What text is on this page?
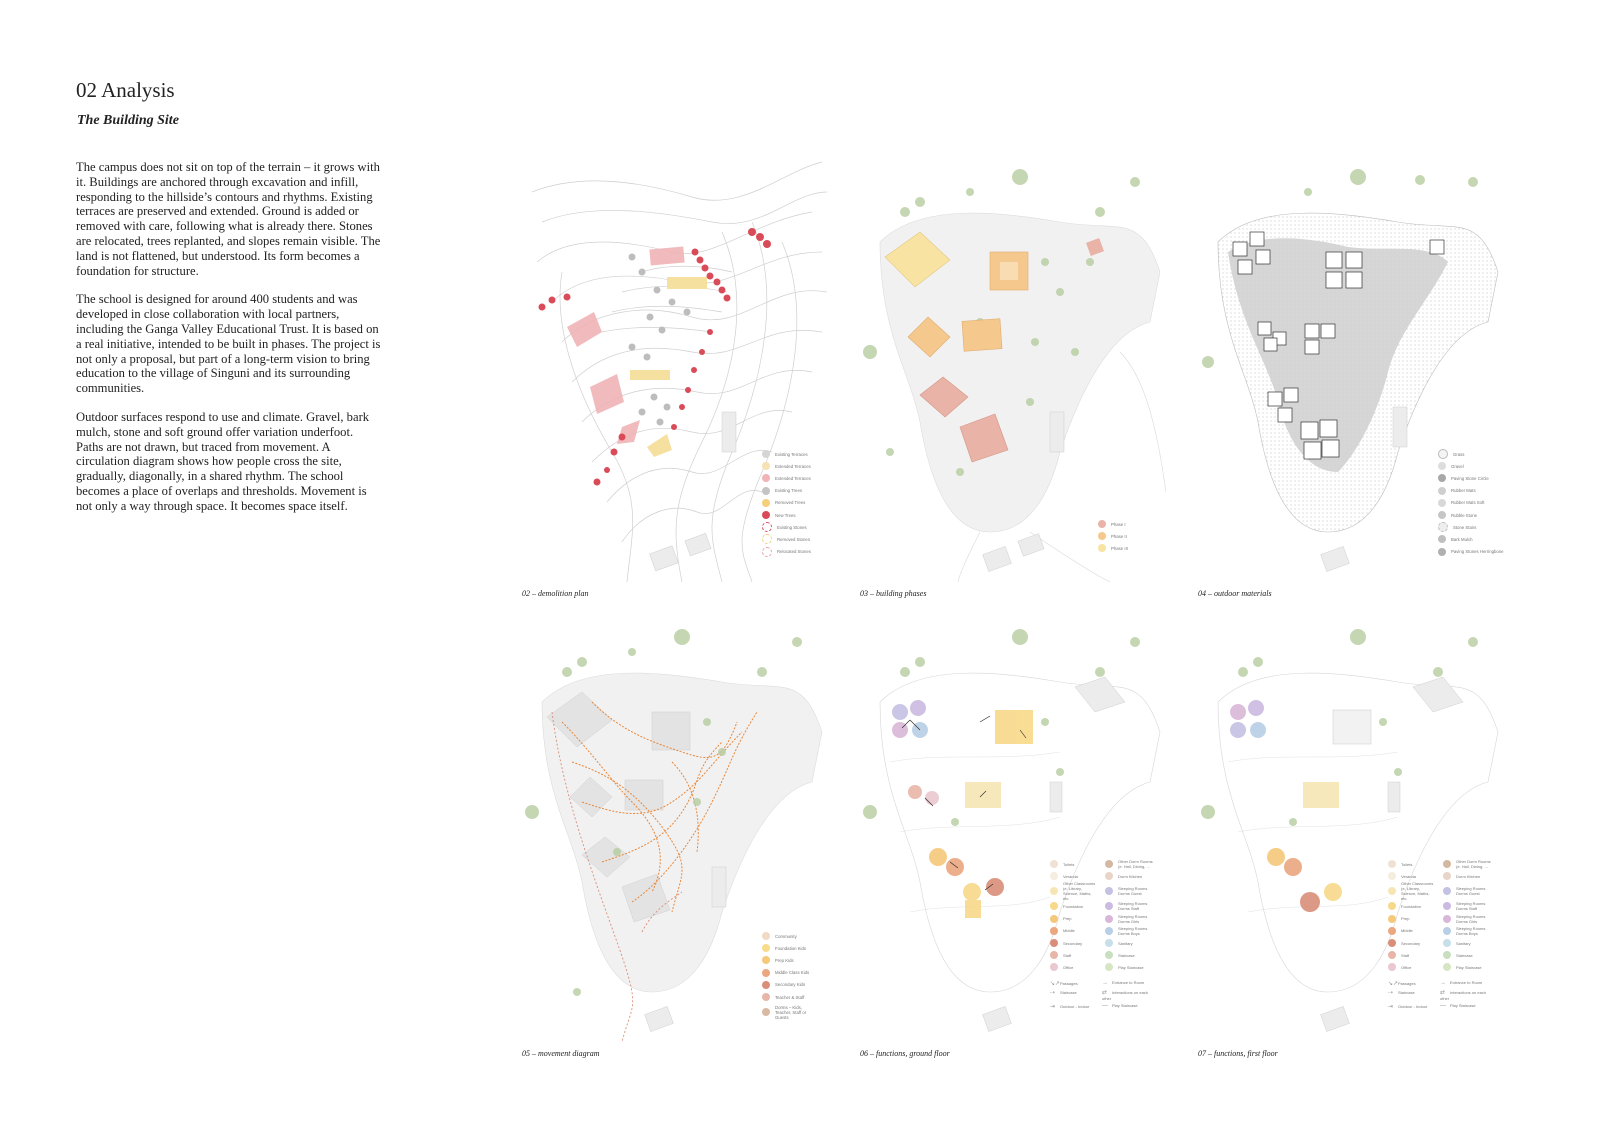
02 Analysis
The Building Site

The campus does not sit on top of the terrain – it grows with it. Buildings are anchored through excavation and infill, responding to the hillside’s contours and rhythms. Existing terraces are preserved and extended. Ground is added or removed with care, following what is already there. Stones are relocated, trees replanted, and slopes remain visible. The land is not flattened, but understood. Its form becomes a foundation for structure.

The school is designed for around 400 students and was developed in close collaboration with local partners, including the Ganga Valley Educational Trust. It is based on a real initiative, intended to be built in phases. The project is not only a proposal, but part of a long-term vision to bring education to the village of Singuni and its surrounding communities.

Outdoor surfaces respond to use and climate. Gravel, bark mulch, stone and soft ground offer variation underfoot. Paths are not drawn, but traced from movement. A circulation diagram shows how people cross the site, gradually, diagonally, in a shared rhythm. The school becomes a place of overlaps and thresholds. Movement is not only a way through space. It becomes space itself.

Existing Terraces
Extended Terraces
Extended Terraces
Existing Trees
Removed Trees
New Trees
Existing Stones
Removed Stones
Relocated Stones
02 – demolition plan
Phase I
Phase II
Phase III
03 – building phases
Grass
Gravel
Paving Stone Circle
Rubber Mats
Rubber Mats Soft
Rubble Stone
Stone Stairs
Bark Mulch
Paving Stones Herringbone
04 – outdoor materials
Community
Foundation Kids
Prep Kids
Middle Class Kids
Secondary Kids
Teacher & Staff
Dorms – Kids, Teacher, Staff or Guests
05 – movement diagram
Toilets
Veranda
Other Classrooms (e. Library, Science, Maths, etc.
Foundation
Prep
Middle
Secondary
Staff
Office
Other Dorm Rooms (e. Hall, Dining, ...
Dorm Kitchen
Sleeping Rooms Dorms Guest
Sleeping Rooms Dorms Staff
Sleeping Rooms Dorms Girls
Sleeping Rooms Dorms Boys
Sanitary
Staircase
Play Staircase
↘↗Passages	→ Entrance to Room
⇢ Staircase	⇄ Interactions on each other
⇥ Outdoor - Indoor	— Play Staircase
06 – functions, ground floor
Toilets
Veranda
Other Classrooms (e. Library, Science, Maths, etc.
Foundation
Prep
Middle
Secondary
Staff
Office
Other Dorm Rooms (e. Hall, Dining, ...
Dorm Kitchen
Sleeping Rooms Dorms Guest
Sleeping Rooms Dorms Staff
Sleeping Rooms Dorms Girls
Sleeping Rooms Dorms Boys
Sanitary
Staircase
Play Staircase
↘↗Passages	→ Entrance to Room
⇢ Staircase	⇄ Interactions on each other
⇥ Outdoor - Indoor	— Play Staircase
07 – functions, first floor
